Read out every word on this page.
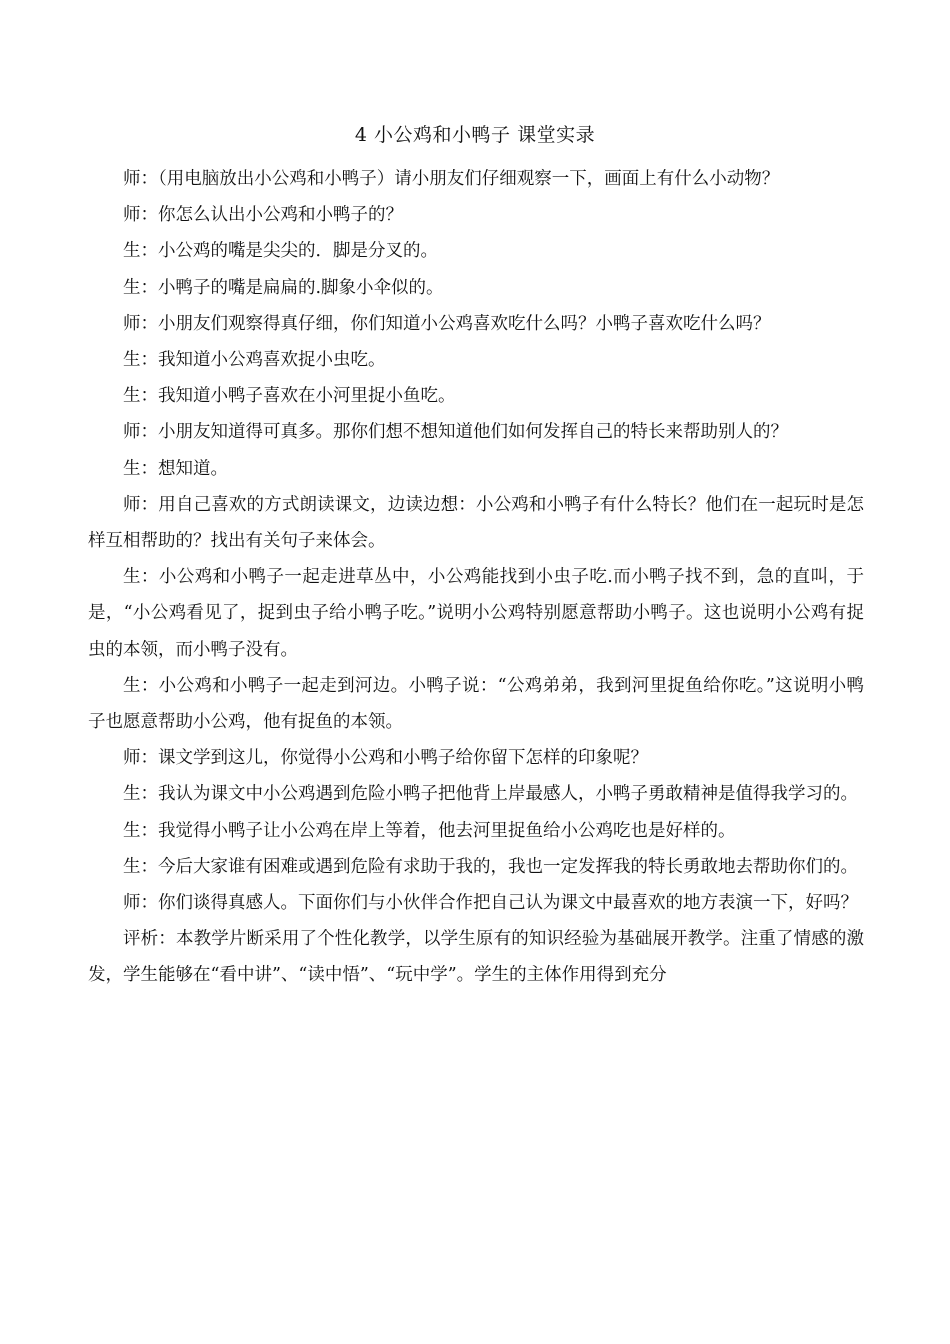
4 小公鸡和小鸭子 课堂实录

师：（用电脑放出小公鸡和小鸭子）请小朋友们仔细观察一下，画面上有什么小动物？

师：你怎么认出小公鸡和小鸭子的？

生：小公鸡的嘴是尖尖的．脚是分叉的。

生：小鸭子的嘴是扁扁的.脚象小伞似的。

师：小朋友们观察得真仔细，你们知道小公鸡喜欢吃什么吗？小鸭子喜欢吃什么吗？

生：我知道小公鸡喜欢捉小虫吃。

生：我知道小鸭子喜欢在小河里捉小鱼吃。

师：小朋友知道得可真多。那你们想不想知道他们如何发挥自己的特长来帮助别人的？

生：想知道。

师：用自己喜欢的方式朗读课文，边读边想：小公鸡和小鸭子有什么特长？他们在一起玩时是怎样互相帮助的？找出有关句子来体会。

生：小公鸡和小鸭子一起走进草丛中，小公鸡能找到小虫子吃.而小鸭子找不到，急的直叫，于是，“小公鸡看见了，捉到虫子给小鸭子吃。”说明小公鸡特别愿意帮助小鸭子。这也说明小公鸡有捉虫的本领，而小鸭子没有。

生：小公鸡和小鸭子一起走到河边。小鸭子说：“公鸡弟弟，我到河里捉鱼给你吃。”这说明小鸭子也愿意帮助小公鸡，他有捉鱼的本领。

师：课文学到这儿，你觉得小公鸡和小鸭子给你留下怎样的印象呢？

生：我认为课文中小公鸡遇到危险小鸭子把他背上岸最感人，小鸭子勇敢精神是值得我学习的。

生：我觉得小鸭子让小公鸡在岸上等着，他去河里捉鱼给小公鸡吃也是好样的。

生：今后大家谁有困难或遇到危险有求助于我的，我也一定发挥我的特长勇敢地去帮助你们的。

师：你们谈得真感人。下面你们与小伙伴合作把自己认为课文中最喜欢的地方表演一下，好吗？

评析：本教学片断采用了个性化教学，以学生原有的知识经验为基础展开教学。注重了情感的激发，学生能够在“看中讲”、“读中悟”、“玩中学”。学生的主体作用得到充分
